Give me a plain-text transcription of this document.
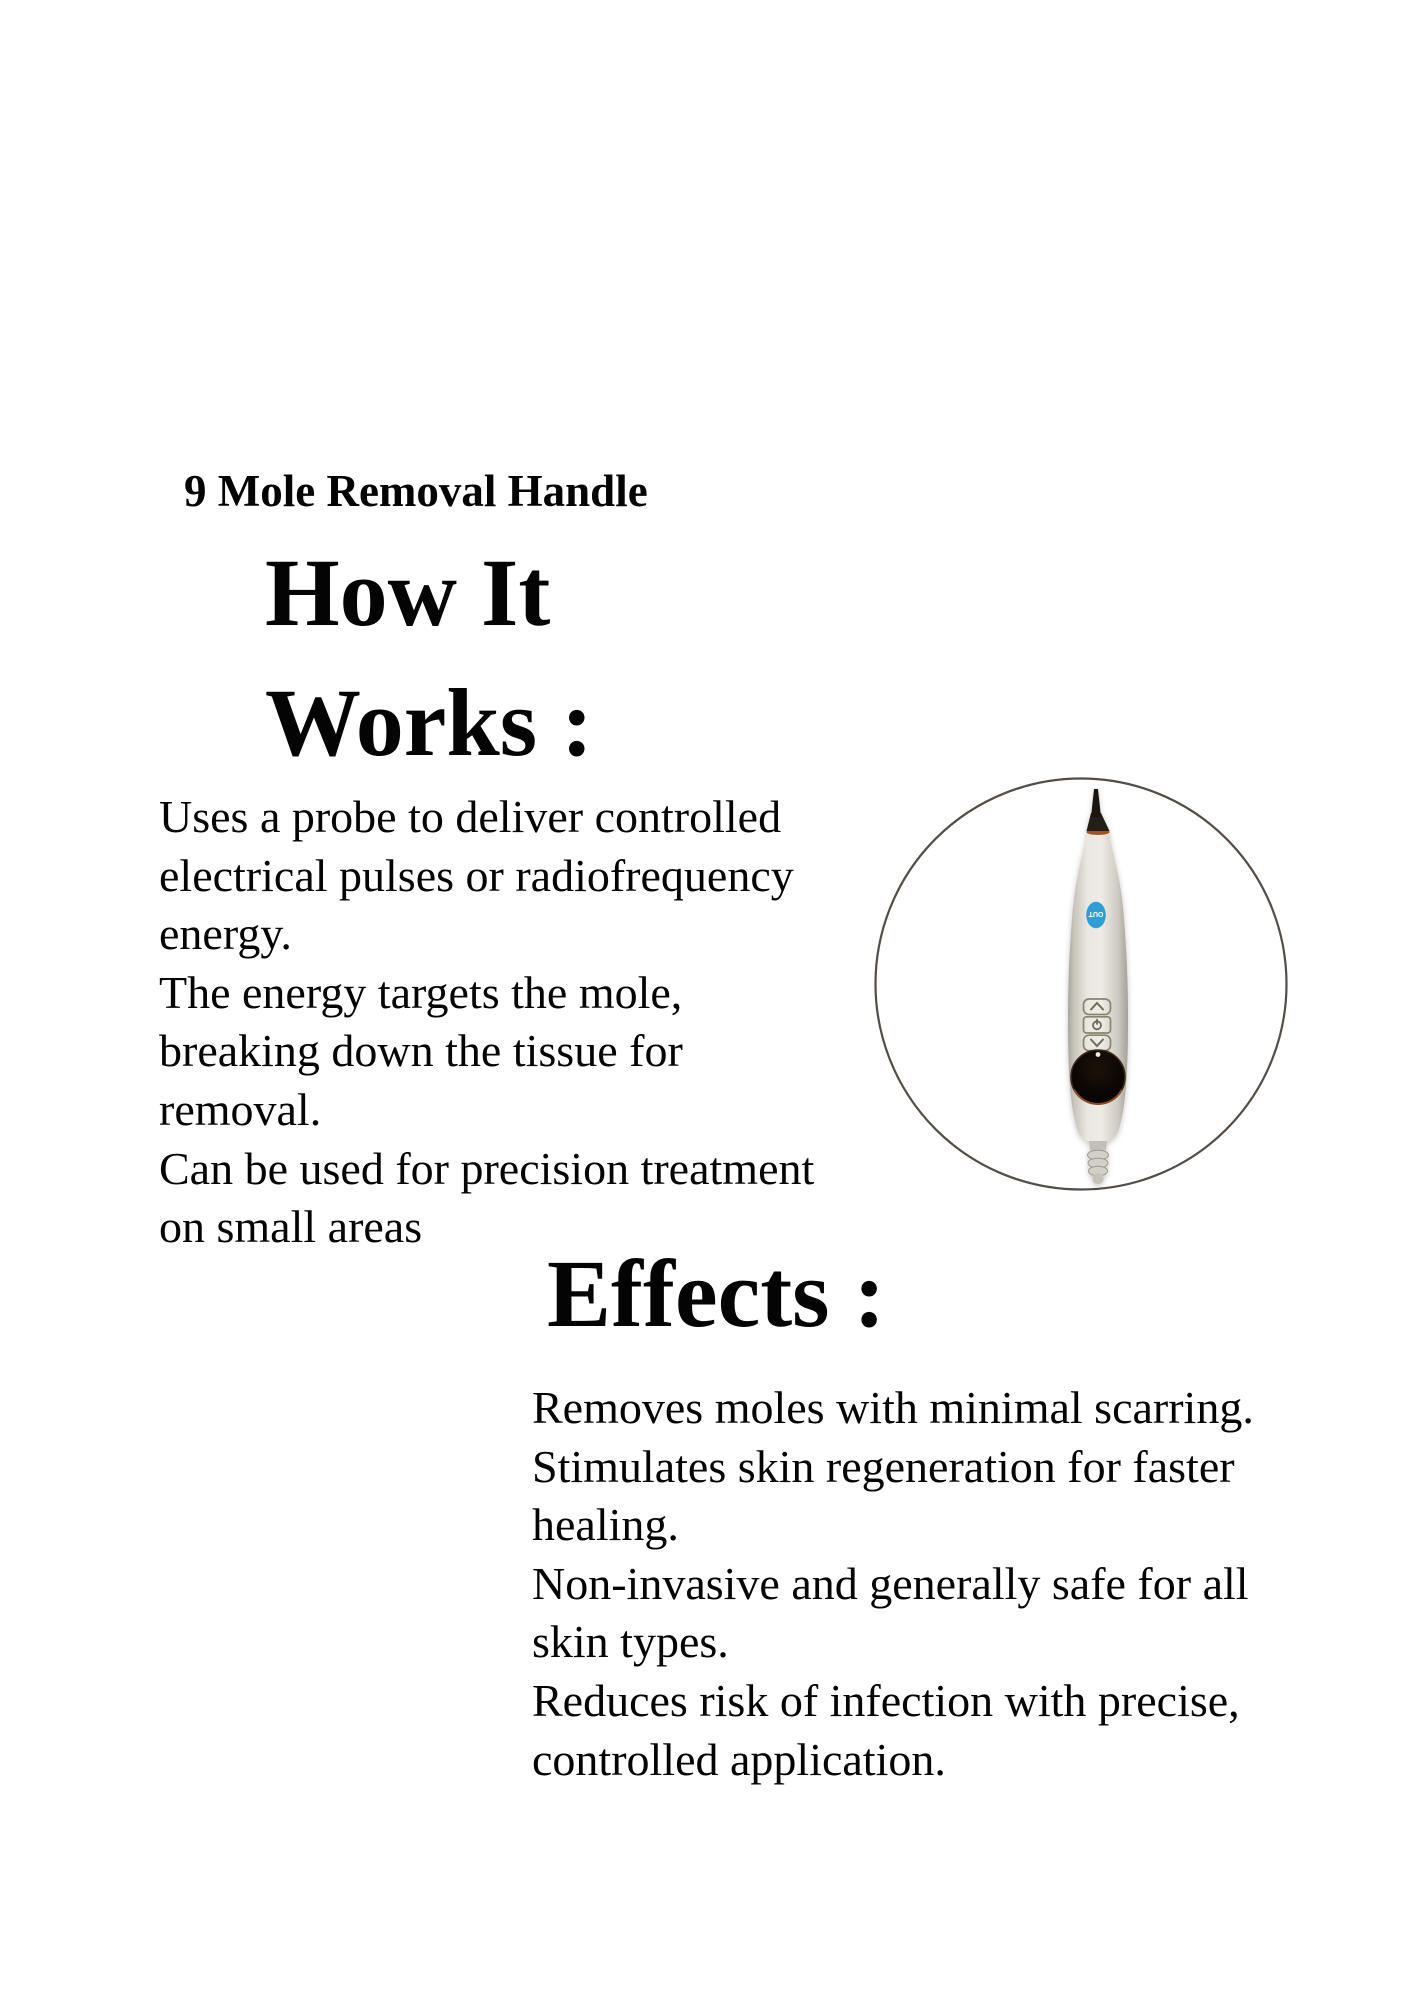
9 Mole Removal Handle
How It
Works :
Uses a probe to deliver controlled
electrical pulses or radiofrequency
energy.
The energy targets the mole,
breaking down the tissue for
removal.
Can be used for precision treatment
on small areas
OUT
Effects :
Removes moles with minimal scarring.
Stimulates skin regeneration for faster
healing.
Non-invasive and generally safe for all
skin types.
Reduces risk of infection with precise,
controlled application.
